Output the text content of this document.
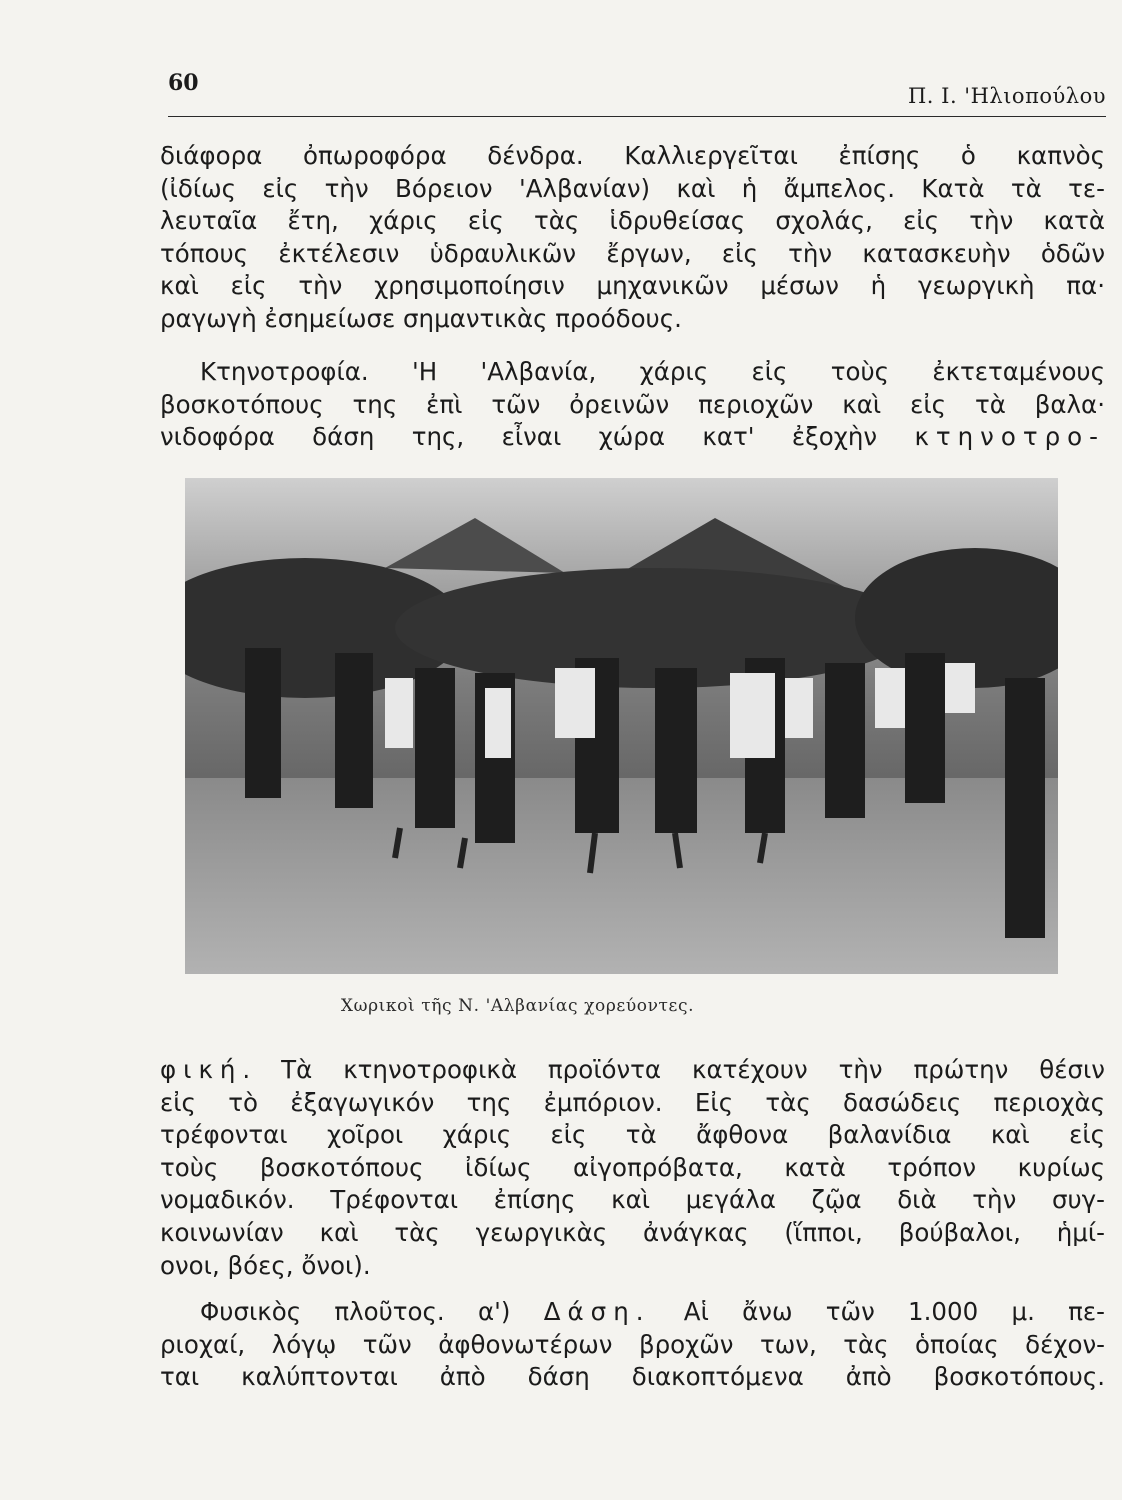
60	Π. Ι. 'Ηλιοπούλου
διάφορα ὀπωροφόρα δένδρα. Καλλιεργεῖται ἐπίσης ὁ καπνὸς
(ἰδίως εἰς τὴν Βόρειον 'Αλβανίαν) καὶ ἡ ἄμπελος. Κατὰ τὰ τε-
λευταῖα ἔτη, χάρις εἰς τὰς ἱδρυθείσας σχολάς, εἰς τὴν κατὰ
τόπους ἐκτέλεσιν ὑδραυλικῶν ἔργων, εἰς τὴν κατασκευὴν ὁδῶν
καὶ εἰς τὴν χρησιμοποίησιν μηχανικῶν μέσων ἡ γεωργικὴ πα·
ραγωγὴ ἐσημείωσε σημαντικὰς προόδους.
Κτηνοτροφία. 'Η 'Αλβανία, χάρις εἰς τοὺς ἐκτεταμένους
βοσκοτόπους της ἐπὶ τῶν ὀρεινῶν περιοχῶν καὶ εἰς τὰ βαλα·
νιδοφόρα δάση της, εἶναι χώρα κατ' ἐξοχὴν κτηνοτρο-
Χωρικοὶ τῆς Ν. 'Αλβανίας χορεύοντες.
φική. Τὰ κτηνοτροφικὰ προϊόντα κατέχουν τὴν πρώτην θέσιν
εἰς τὸ ἐξαγωγικόν της ἐμπόριον. Εἰς τὰς δασώδεις περιοχὰς
τρέφονται χοῖροι χάρις εἰς τὰ ἄφθονα βαλανίδια καὶ εἰς
τοὺς βοσκοτόπους ἰδίως αἰγοπρόβατα, κατὰ τρόπον κυρίως
νομαδικόν. Τρέφονται ἐπίσης καὶ μεγάλα ζῷα διὰ τὴν συγ-
κοινωνίαν καὶ τὰς γεωργικὰς ἀνάγκας (ἵπποι, βούβαλοι, ἡμί-
ονοι, βόες, ὄνοι).
Φυσικὸς πλοῦτος. α') Δάση. Αἱ ἄνω τῶν 1.000 μ. πε-
ριοχαί, λόγῳ τῶν ἀφθονωτέρων βροχῶν των, τὰς ὁποίας δέχον-
ται καλύπτονται ἀπὸ δάση διακοπτόμενα ἀπὸ βοσκοτόπους.
